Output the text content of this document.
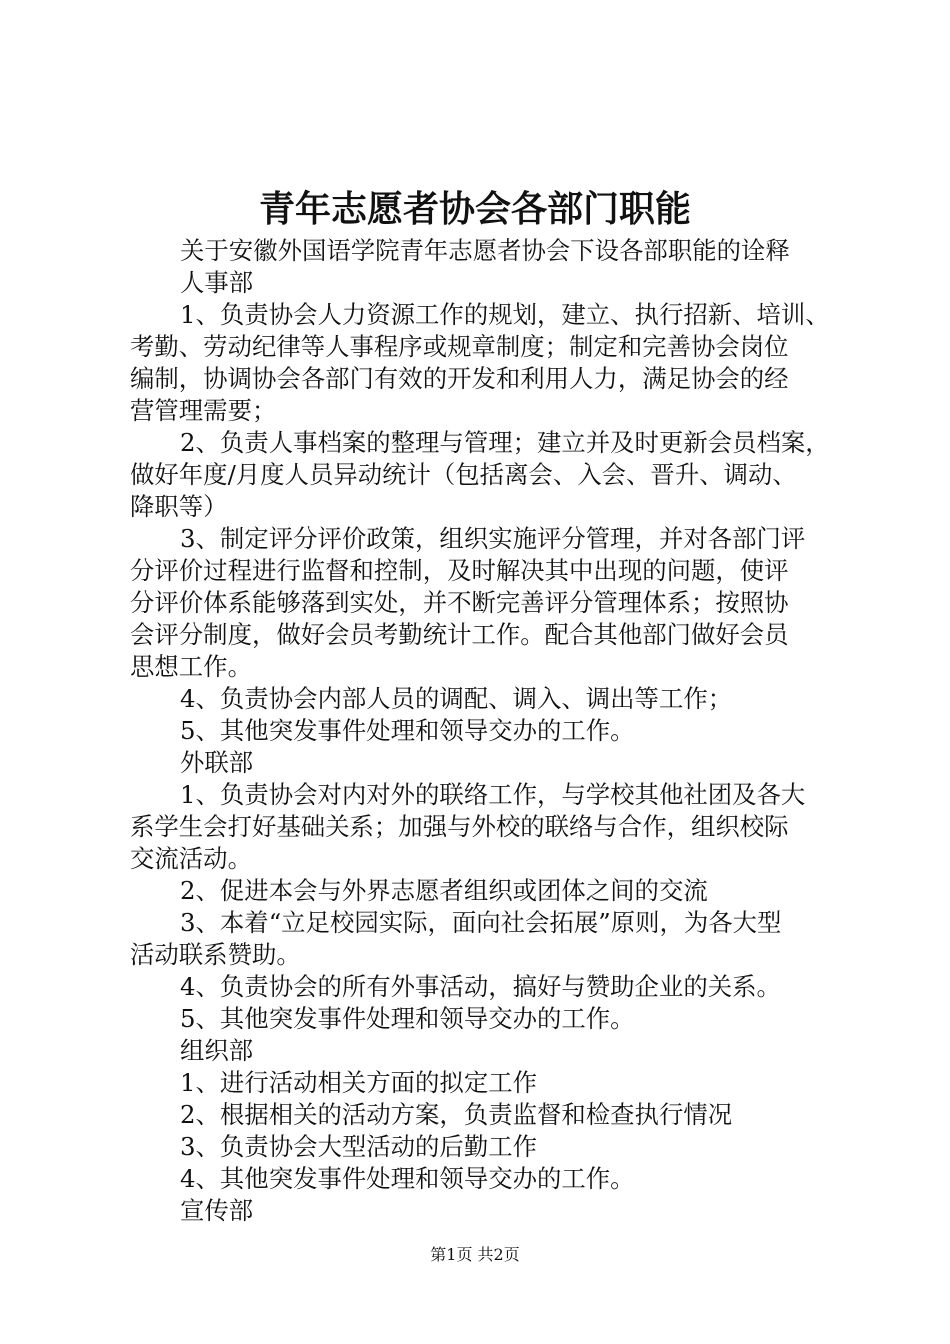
青年志愿者协会各部门职能
关于安徽外国语学院青年志愿者协会下设各部职能的诠释
人事部
1、负责协会人力资源工作的规划，建立、执行招新、培训、
考勤、劳动纪律等人事程序或规章制度；制定和完善协会岗位
编制，协调协会各部门有效的开发和利用人力，满足协会的经
营管理需要；
2、负责人事档案的整理与管理；建立并及时更新会员档案，
做好年度/月度人员异动统计（包括离会、入会、晋升、调动、
降职等）
3、制定评分评价政策，组织实施评分管理，并对各部门评
分评价过程进行监督和控制，及时解决其中出现的问题，使评
分评价体系能够落到实处，并不断完善评分管理体系；按照协
会评分制度，做好会员考勤统计工作。配合其他部门做好会员
思想工作。
4、负责协会内部人员的调配、调入、调出等工作；
5、其他突发事件处理和领导交办的工作。
外联部
1、负责协会对内对外的联络工作，与学校其他社团及各大
系学生会打好基础关系；加强与外校的联络与合作，组织校际
交流活动。
2、促进本会与外界志愿者组织或团体之间的交流
3、本着“立足校园实际，面向社会拓展”原则，为各大型
活动联系赞助。
4、负责协会的所有外事活动，搞好与赞助企业的关系。
5、其他突发事件处理和领导交办的工作。
组织部
1、进行活动相关方面的拟定工作
2、根据相关的活动方案，负责监督和检查执行情况
3、负责协会大型活动的后勤工作
4、其他突发事件处理和领导交办的工作。
宣传部
第1页 共2页
